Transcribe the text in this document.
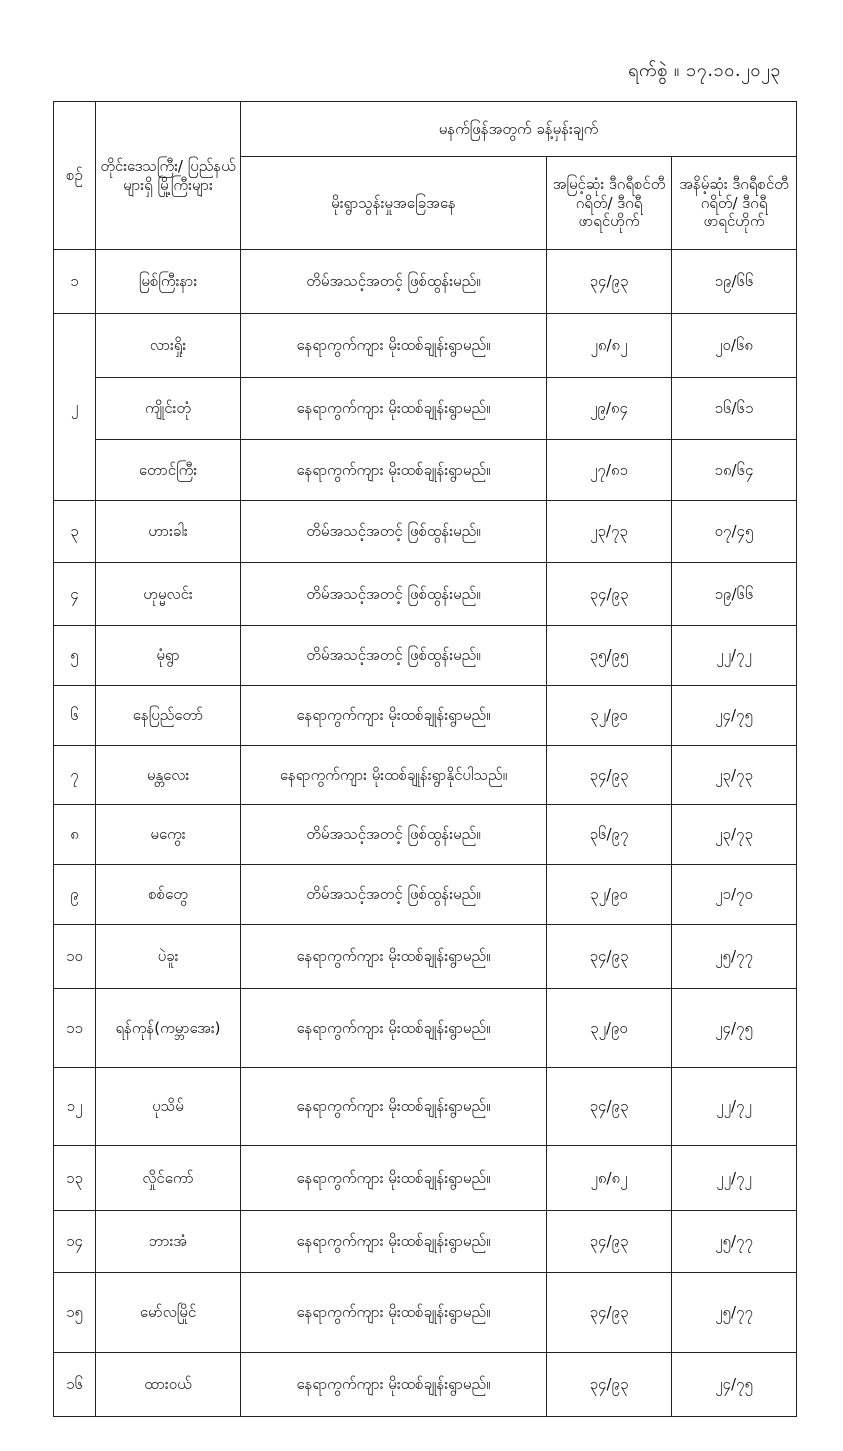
ရက်စွဲ ။ ၁၇.၁၀.၂၀၂၃
စဉ်	တိုင်းဒေသကြီး/ ပြည်နယ်များရှိ မြို့ကြီးများ	မနက်ဖြန်အတွက် ခန့်မှန်းချက်		
		မိုးရွာသွန်းမှုအခြေအနေ	အမြင့်ဆုံး ဒီဂရီစင်တီဂရိတ်/ ဒီဂရီဖာရင်ဟိုက်	အနိမ့်ဆုံး ဒီဂရီစင်တီဂရိတ်/ ဒီဂရီဖာရင်ဟိုက်
၁	မြစ်ကြီးနား	တိမ်အသင့်အတင့် ဖြစ်ထွန်းမည်။	၃၄/၉၃	၁၉/၆၆
၂	လားရှိုး	နေရာကွက်ကျား မိုးထစ်ချုန်းရွာမည်။	၂၈/၈၂	၂၀/၆၈
	ကျိုင်းတုံ	နေရာကွက်ကျား မိုးထစ်ချုန်းရွာမည်။	၂၉/၈၄	၁၆/၆၁
	တောင်ကြီး	နေရာကွက်ကျား မိုးထစ်ချုန်းရွာမည်။	၂၇/၈၁	၁၈/၆၄
၃	ဟားခါး	တိမ်အသင့်အတင့် ဖြစ်ထွန်းမည်။	၂၃/၇၃	၀၇/၄၅
၄	ဟုမ္မလင်း	တိမ်အသင့်အတင့် ဖြစ်ထွန်းမည်။	၃၄/၉၃	၁၉/၆၆
၅	မုံရွာ	တိမ်အသင့်အတင့် ဖြစ်ထွန်းမည်။	၃၅/၉၅	၂၂/၇၂
၆	နေပြည်တော်	နေရာကွက်ကျား မိုးထစ်ချုန်းရွာမည်။	၃၂/၉၀	၂၄/၇၅
၇	မန္တလေး	နေရာကွက်ကျား မိုးထစ်ချုန်းရွာနိုင်ပါသည်။	၃၄/၉၃	၂၃/၇၃
၈	မကွေး	တိမ်အသင့်အတင့် ဖြစ်ထွန်းမည်။	၃၆/၉၇	၂၃/၇၃
၉	စစ်တွေ	တိမ်အသင့်အတင့် ဖြစ်ထွန်းမည်။	၃၂/၉၀	၂၁/၇၀
၁၀	ပဲခူး	နေရာကွက်ကျား မိုးထစ်ချုန်းရွာမည်။	၃၄/၉၃	၂၅/၇၇
၁၁	ရန်ကုန်(ကမ္ဘာအေး)	နေရာကွက်ကျား မိုးထစ်ချုန်းရွာမည်။	၃၂/၉၀	၂၄/၇၅
၁၂	ပုသိမ်	နေရာကွက်ကျား မိုးထစ်ချုန်းရွာမည်။	၃၄/၉၃	၂၂/၇၂
၁၃	လှိုင်ကော်	နေရာကွက်ကျား မိုးထစ်ချုန်းရွာမည်။	၂၈/၈၂	၂၂/၇၂
၁၄	ဘားအံ	နေရာကွက်ကျား မိုးထစ်ချုန်းရွာမည်။	၃၄/၉၃	၂၅/၇၇
၁၅	မော်လမြိုင်	နေရာကွက်ကျား မိုးထစ်ချုန်းရွာမည်။	၃၄/၉၃	၂၅/၇၇
၁၆	ထားဝယ်	နေရာကွက်ကျား မိုးထစ်ချုန်းရွာမည်။	၃၄/၉၃	၂၄/၇၅
